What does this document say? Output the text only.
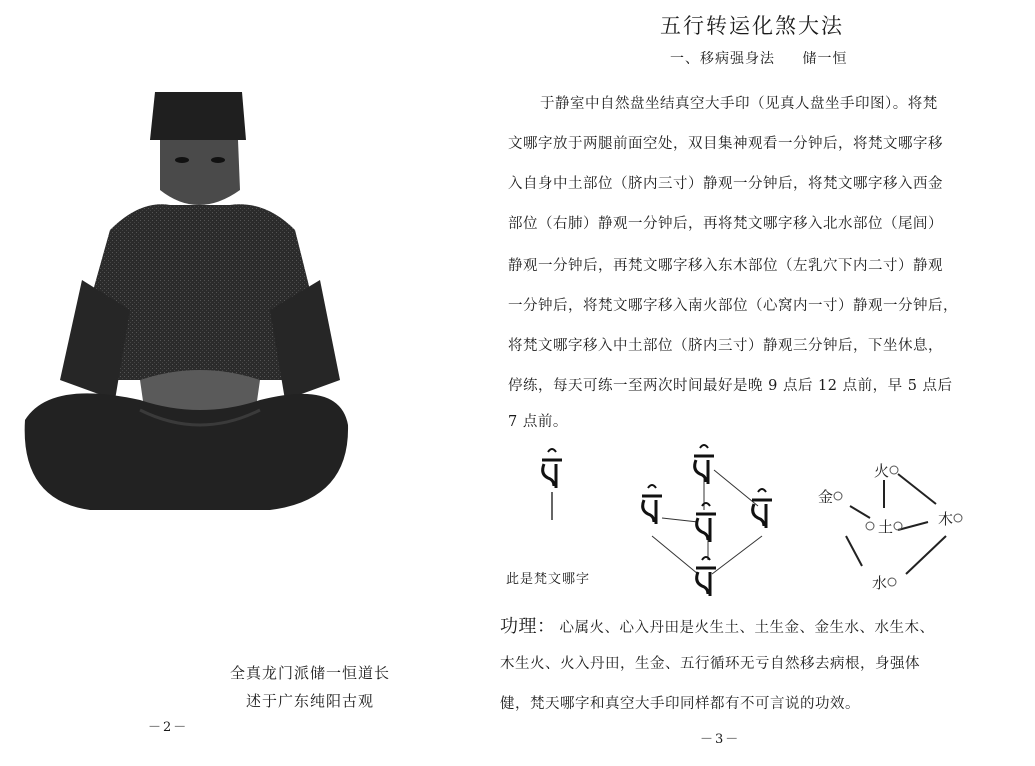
全真龙门派储一恒道长
述于广东纯阳古观
－2－
五行转运化煞大法
一、移病强身法 储一恒
于静室中自然盘坐结真空大手印（见真人盘坐手印图）。将梵
文哪字放于两腿前面空处，双目集神观看一分钟后，将梵文哪字移
入自身中土部位（脐内三寸）静观一分钟后，将梵文哪字移入西金
部位（右肺）静观一分钟后，再将梵文哪字移入北水部位（尾闾）
静观一分钟后，再梵文哪字移入东木部位（左乳穴下内二寸）静观
一分钟后，将梵文哪字移入南火部位（心窝内一寸）静观一分钟后，
将梵文哪字移入中土部位（脐内三寸）静观三分钟后，下坐休息，
停练，每天可练一至两次时间最好是晚 9 点后 12 点前，早 5 点后
7 点前。
火
金
土	木
水
此是梵文哪字
功理： 心属火、心入丹田是火生土、土生金、金生水、水生木、
木生火、火入丹田，生金、五行循环无亏自然移去病根，身强体
健，梵天哪字和真空大手印同样都有不可言说的功效。
－3－
